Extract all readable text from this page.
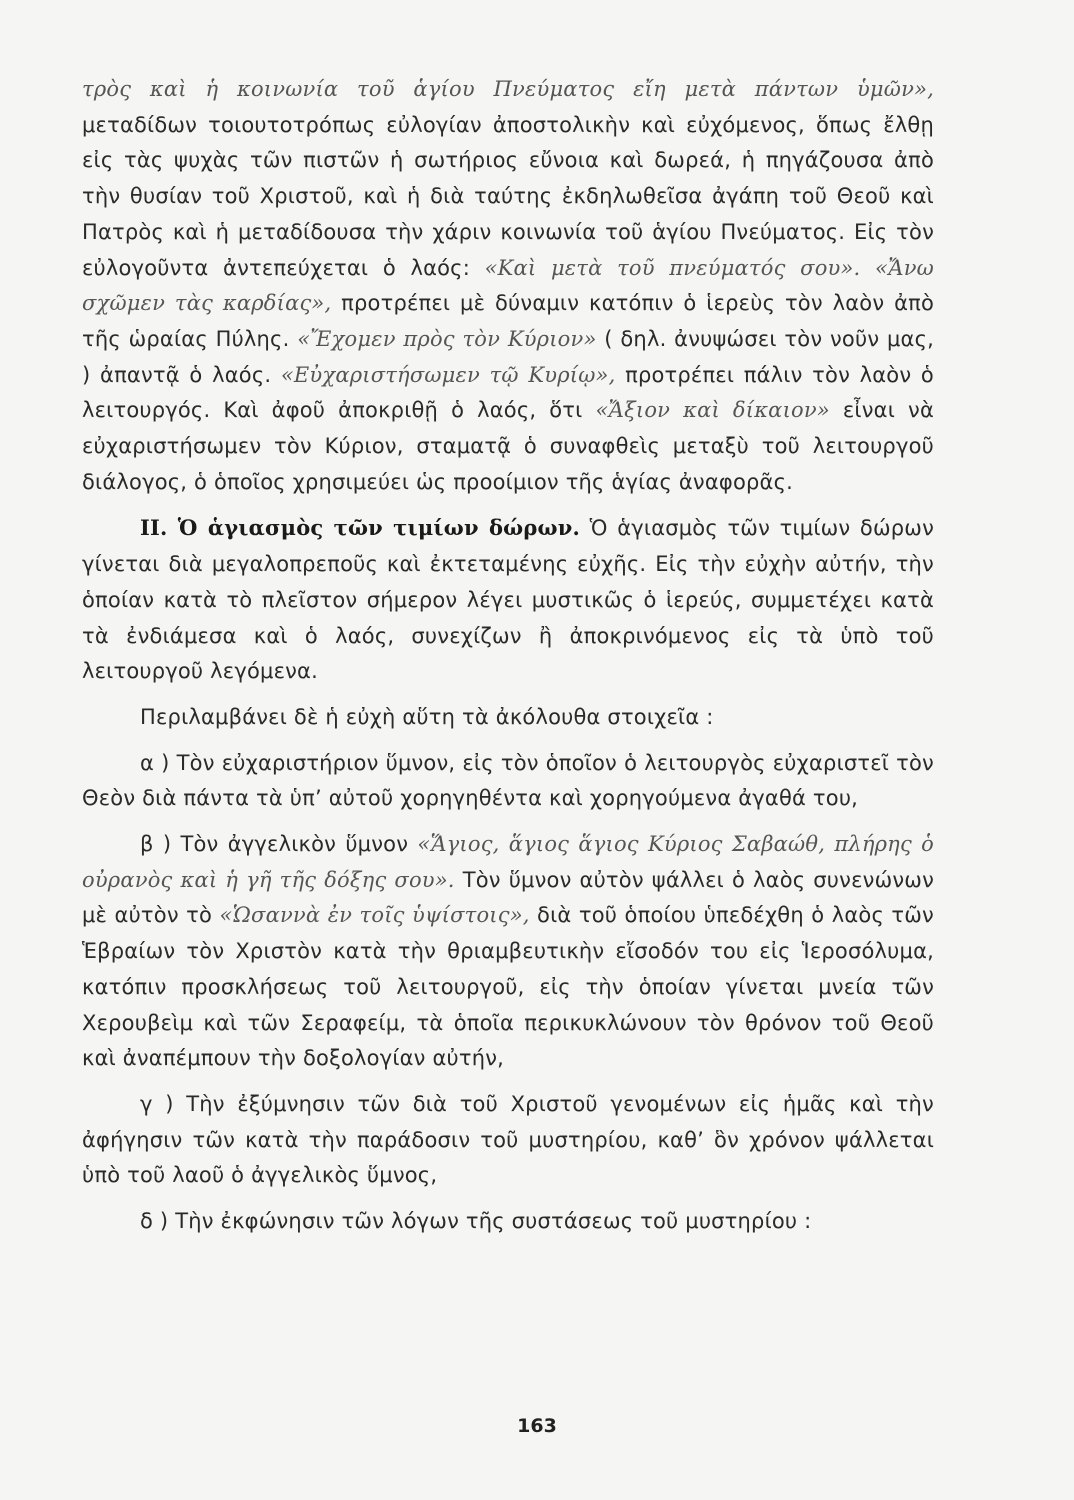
τρὸς καὶ ἡ κοινωνία τοῦ ἁγίου Πνεύματος εἴη μετὰ πάντων ὑμῶν», μεταδίδων τοιουτοτρόπως εὐλογίαν ἀποστολικὴν καὶ εὐχόμενος, ὅπως ἔλθῃ εἰς τὰς ψυχὰς τῶν πιστῶν ἡ σωτήριος εὔνοια καὶ δωρεά, ἡ πηγάζουσα ἀπὸ τὴν θυσίαν τοῦ Χριστοῦ, καὶ ἡ διὰ ταύτης ἐκδηλωθεῖσα ἀγάπη τοῦ Θεοῦ καὶ Πατρὸς καὶ ἡ μεταδίδουσα τὴν χάριν κοινωνία τοῦ ἁγίου Πνεύματος. Εἰς τὸν εὐλογοῦντα ἀντεπεύχεται ὁ λαός: «Καὶ μετὰ τοῦ πνεύματός σου». «Ἄνω σχῶμεν τὰς καρδίας», προτρέπει μὲ δύναμιν κατόπιν ὁ ἱερεὺς τὸν λαὸν ἀπὸ τῆς ὡραίας Πύλης. «Ἔχομεν πρὸς τὸν Κύριον» ( δηλ. ἀνυψώσει τὸν νοῦν μας, ) ἀπαντᾷ ὁ λαός. «Εὐχαριστήσωμεν τῷ Κυρίῳ», προτρέπει πάλιν τὸν λαὸν ὁ λειτουργός. Καὶ ἀφοῦ ἀποκριθῇ ὁ λαός, ὅτι «Ἄξιον καὶ δίκαιον» εἶναι νὰ εὐχαριστήσωμεν τὸν Κύριον, σταματᾷ ὁ συναφθεὶς μεταξὺ τοῦ λειτουργοῦ διάλογος, ὁ ὁποῖος χρησιμεύει ὡς προοίμιον τῆς ἁγίας ἀναφορᾶς.

II. Ὁ ἁγιασμὸς τῶν τιμίων δώρων. Ὁ ἁγιασμὸς τῶν τιμίων δώρων γίνεται διὰ μεγαλοπρεποῦς καὶ ἐκτεταμένης εὐχῆς. Εἰς τὴν εὐχὴν αὐτήν, τὴν ὁποίαν κατὰ τὸ πλεῖστον σήμερον λέγει μυστικῶς ὁ ἱερεύς, συμμετέχει κατὰ τὰ ἐνδιάμεσα καὶ ὁ λαός, συνεχίζων ἢ ἀποκρινόμενος εἰς τὰ ὑπὸ τοῦ λειτουργοῦ λεγόμενα.

Περιλαμβάνει δὲ ἡ εὐχὴ αὕτη τὰ ἀκόλουθα στοιχεῖα :

α ) Τὸν εὐχαριστήριον ὕμνον, εἰς τὸν ὁποῖον ὁ λειτουργὸς εὐχαριστεῖ τὸν Θεὸν διὰ πάντα τὰ ὑπ’ αὐτοῦ χορηγηθέντα καὶ χορηγούμενα ἀγαθά του,

β ) Τὸν ἀγγελικὸν ὕμνον «Ἅγιος, ἅγιος ἅγιος Κύριος Σαβαώθ, πλήρης ὁ οὐρανὸς καὶ ἡ γῆ τῆς δόξης σου». Τὸν ὕμνον αὐτὸν ψάλλει ὁ λαὸς συνενώνων μὲ αὐτὸν τὸ «Ὡσαννὰ ἐν τοῖς ὑψίστοις», διὰ τοῦ ὁποίου ὑπεδέχθη ὁ λαὸς τῶν Ἑβραίων τὸν Χριστὸν κατὰ τὴν θριαμβευτικὴν εἴσοδόν του εἰς Ἱεροσόλυμα, κατόπιν προσκλήσεως τοῦ λειτουργοῦ, εἰς τὴν ὁποίαν γίνεται μνεία τῶν Χερουβεὶμ καὶ τῶν Σεραφείμ, τὰ ὁποῖα περικυκλώνουν τὸν θρόνον τοῦ Θεοῦ καὶ ἀναπέμπουν τὴν δοξολογίαν αὐτήν,

γ ) Τὴν ἐξύμνησιν τῶν διὰ τοῦ Χριστοῦ γενομένων εἰς ἡμᾶς καὶ τὴν ἀφήγησιν τῶν κατὰ τὴν παράδοσιν τοῦ μυστηρίου, καθ’ ὃν χρόνον ψάλλεται ὑπὸ τοῦ λαοῦ ὁ ἀγγελικὸς ὕμνος,

δ ) Τὴν ἐκφώνησιν τῶν λόγων τῆς συστάσεως τοῦ μυστηρίου :

163
